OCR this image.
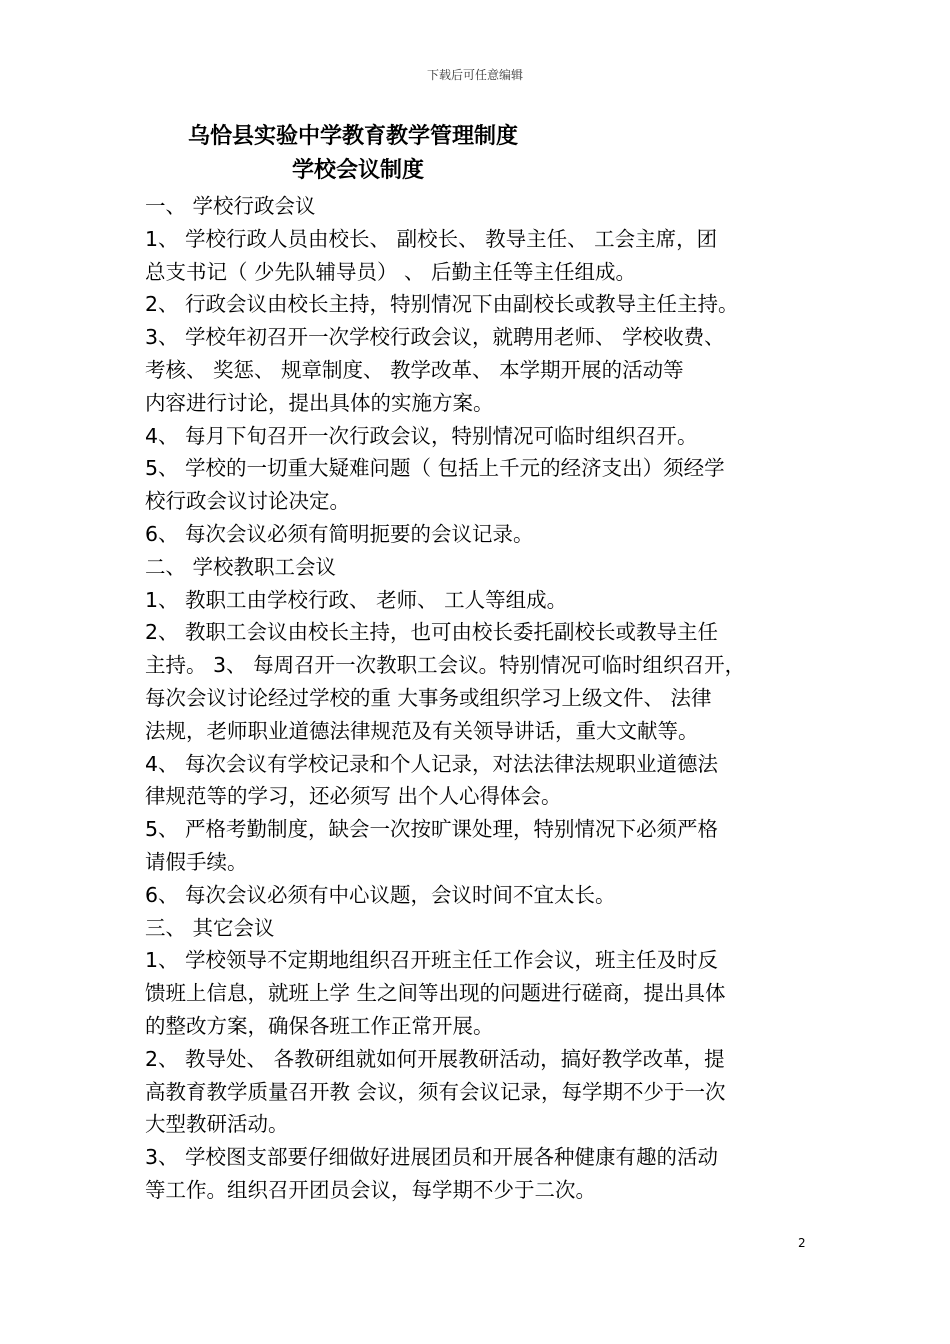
下载后可任意编辑
乌恰县实验中学教育教学管理制度
学校会议制度
一、 学校行政会议
1、 学校行政人员由校长、 副校长、 教导主任、 工会主席，团
总支书记（ 少先队辅导员） 、 后勤主任等主任组成。
2、 行政会议由校长主持，特别情况下由副校长或教导主任主持。
3、 学校年初召开一次学校行政会议，就聘用老师、 学校收费、
考核、 奖惩、 规章制度、 教学改革、 本学期开展的活动等
内容进行讨论，提出具体的实施方案。
4、 每月下旬召开一次行政会议，特别情况可临时组织召开。
5、 学校的一切重大疑难问题（ 包括上千元的经济支出）须经学
校行政会议讨论决定。
6、 每次会议必须有简明扼要的会议记录。
二、 学校教职工会议
1、 教职工由学校行政、 老师、 工人等组成。
2、 教职工会议由校长主持，也可由校长委托副校长或教导主任
主持。 3、 每周召开一次教职工会议。特别情况可临时组织召开，
每次会议讨论经过学校的重 大事务或组织学习上级文件、 法律
法规，老师职业道德法律规范及有关领导讲话，重大文献等。
4、 每次会议有学校记录和个人记录，对法法律法规职业道德法
律规范等的学习，还必须写 出个人心得体会。
5、 严格考勤制度，缺会一次按旷课处理，特别情况下必须严格
请假手续。
6、 每次会议必须有中心议题，会议时间不宜太长。
三、 其它会议
1、 学校领导不定期地组织召开班主任工作会议，班主任及时反
馈班上信息，就班上学 生之间等出现的问题进行磋商，提出具体
的整改方案，确保各班工作正常开展。
2、 教导处、 各教研组就如何开展教研活动，搞好教学改革，提
高教育教学质量召开教 会议，须有会议记录，每学期不少于一次
大型教研活动。
3、 学校图支部要仔细做好进展团员和开展各种健康有趣的活动
等工作。组织召开团员会议，每学期不少于二次。
2
